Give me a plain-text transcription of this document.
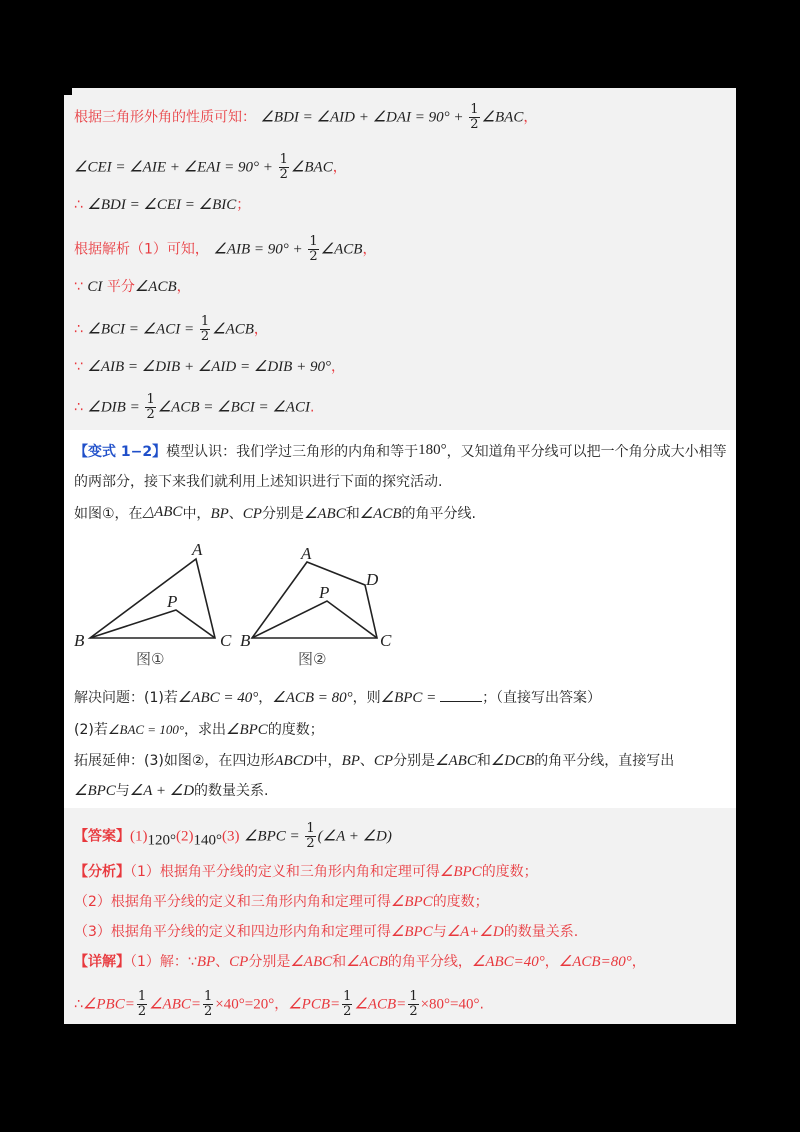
根据三角形外角的性质可知： ∠BDI = ∠AID + ∠DAI = $90^\circ + \frac{1}{2}$ ∠BAC，
∠CEI = ∠AIE + ∠EAI = $90^\circ + \frac{1}{2}$ ∠BAC，
∴ ∠BDI = ∠CEI = ∠BIC；
根据解析（1）可知， ∠AIB = $90^\circ + \frac{1}{2}$ ∠ACB，
∵ CI 平分∠ACB，
∴ ∠BCI = ∠ACI = $\frac{1}{2}$ ∠ACB，
∵ ∠AIB = ∠DIB + ∠AID = ∠DIB + 90°，
∴ ∠DIB = $\frac{1}{2}$ ∠ACB = ∠BCI = ∠ACI.
【变式 1−2】模型认识：我们学过三角形的内角和等于180°，又知道角平分线可以把一个角分成大小相等
的两部分，接下来我们就利用上述知识进行下面的探究活动.
如图①，在△ABC中，BP、CP分别是∠ABC和∠ACB的角平分线.
A
P
B	C
图①
A
D
P
B	C
图②
解决问题：(1)若∠ABC = 40°，∠ACB = 80°，则∠BPC =	；（直接写出答案）
(2)若∠BAC = 100°，求出∠BPC的度数；
拓展延伸：(3)如图②，在四边形ABCD中，BP、CP分别是∠ABC和∠DCB的角平分线，直接写出
∠BPC与∠A + ∠D的数量关系.
【答案】(1)120°(2)140°(3) ∠BPC = $\frac{1}{2}$ (∠A + ∠D)
【分析】（1）根据角平分线的定义和三角形内角和定理可得∠BPC的度数；
（2）根据角平分线的定义和三角形内角和定理可得∠BPC的度数；
（3）根据角平分线的定义和四边形内角和定理可得∠BPC与∠A+∠D的数量关系.
【详解】（1）解：∵BP、CP分别是∠ABC和∠ACB的角平分线，∠ABC=40°，∠ACB=80°，
∴∠PBC= $\frac{1}{2}$ ∠ABC= $\frac{1}{2} \times 40^\circ=20^\circ$，∠PCB= $\frac{1}{2}$ ∠ACB= $\frac{1}{2} \times 80^\circ=40^\circ$.
